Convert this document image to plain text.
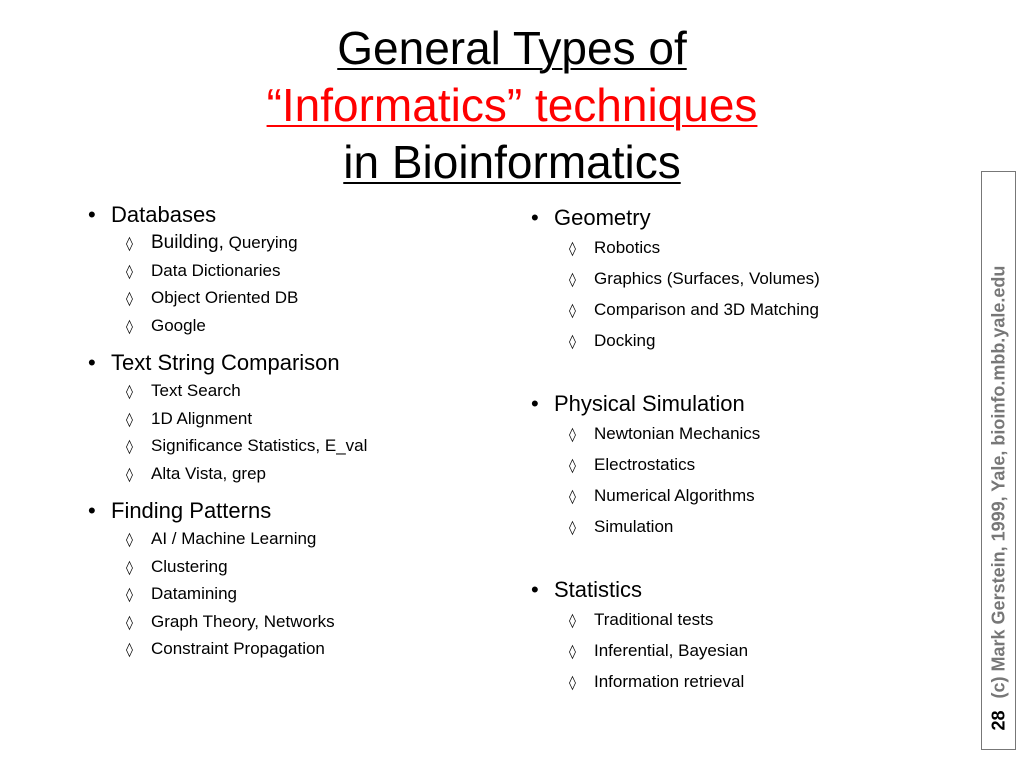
General Types of
“Informatics” techniques
in Bioinformatics
• Databases
◊ Building, Querying
◊	Data Dictionaries
◊	Object Oriented DB
◊	Google
• Text String Comparison
◊	Text Search
◊	1D Alignment
◊	Significance Statistics, E_val
◊	Alta Vista, grep
• Finding Patterns
◊	AI / Machine Learning
◊	Clustering
◊	Datamining
◊	Graph Theory, Networks
◊	Constraint Propagation
• Geometry
◊	Robotics
◊	Graphics (Surfaces, Volumes)
◊	Comparison and 3D Matching
◊	Docking
• Physical Simulation
◊	Newtonian Mechanics
◊	Electrostatics
◊	Numerical Algorithms
◊	Simulation
• Statistics
◊	Traditional tests
◊	Inferential, Bayesian
◊	Information retrieval
28(c) Mark Gerstein, 1999, Yale, bioinfo.mbb.yale.edu
